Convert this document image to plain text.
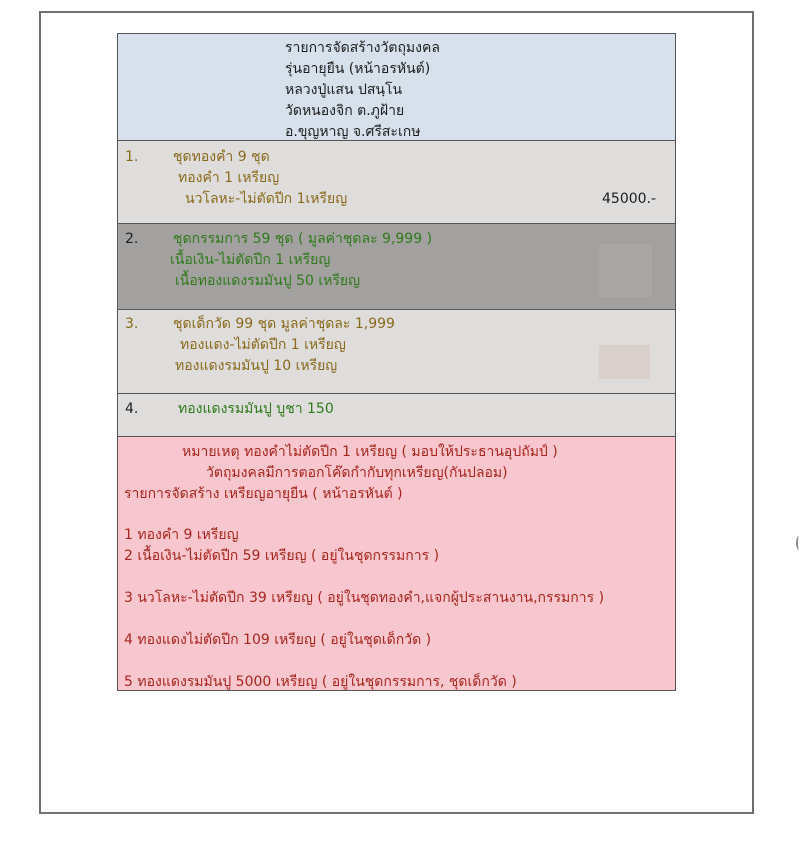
รายการจัดสร้างวัตถุมงคล
รุ่นอายุยืน (หน้าอรหันต์)
หลวงปู่แสน ปสนฺโน
วัดหนองจิก ต.ภูฝ้าย
อ.ขุญหาญ จ.ศรีสะเกษ
1. ชุดทองคำ 9 ชุด
ทองคำ 1 เหรียญ
นวโลหะ-ไม่ตัดปีก 1เหรียญ	45000.-
2. ชุดกรรมการ 59 ชุด ( มูลค่าชุดละ 9,999 )
เนื้อเงิน-ไม่ตัดปีก 1 เหรียญ
เนื้อทองแดงรมมันปู 50 เหรียญ
3. ชุดเด็กวัด 99 ชุด มูลค่าชุดละ 1,999
ทองแดง-ไม่ตัดปีก 1 เหรียญ
ทองแดงรมมันปู 10 เหรียญ
4.	ทองแดงรมมันปู บูชา 150
หมายเหตุ ทองคำไม่ตัดปีก 1 เหรียญ ( มอบให้ประธานอุปถัมป์ )
วัตถุมงคลมีการตอกโค๊ดกำกับทุกเหรียญ(กันปลอม)
รายการจัดสร้าง เหรียญอายุยืน ( หน้าอรหันต์ )
1 ทองคำ 9 เหรียญ
2 เนื้อเงิน-ไม่ตัดปีก 59 เหรียญ ( อยู่ในชุดกรรมการ )
3 นวโลหะ-ไม่ตัดปีก 39 เหรียญ ( อยู่ในชุดทองคำ,แจกผู้ประสานงาน,กรรมการ )
4 ทองแดงไม่ตัดปีก 109 เหรียญ ( อยู่ในชุดเด็กวัด )
5 ทองแดงรมมันปู 5000 เหรียญ ( อยู่ในชุดกรรมการ, ชุดเด็กวัด )
